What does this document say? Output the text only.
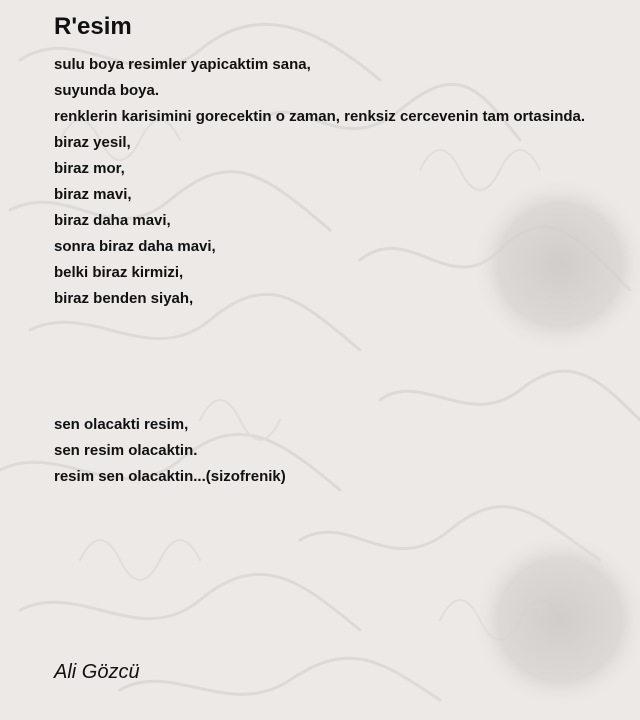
R'esim
sulu boya resimler yapicaktim sana,
suyunda boya.
renklerin karisimini gorecektin o zaman, renksiz cercevenin tam ortasinda.
biraz yesil,
biraz mor,
biraz mavi,
biraz daha mavi,
sonra biraz daha mavi,
belki biraz kirmizi,
biraz benden siyah,
sen olacakti resim,
sen resim olacaktin.
resim sen olacaktin...(sizofrenik)
Ali Gözcü
